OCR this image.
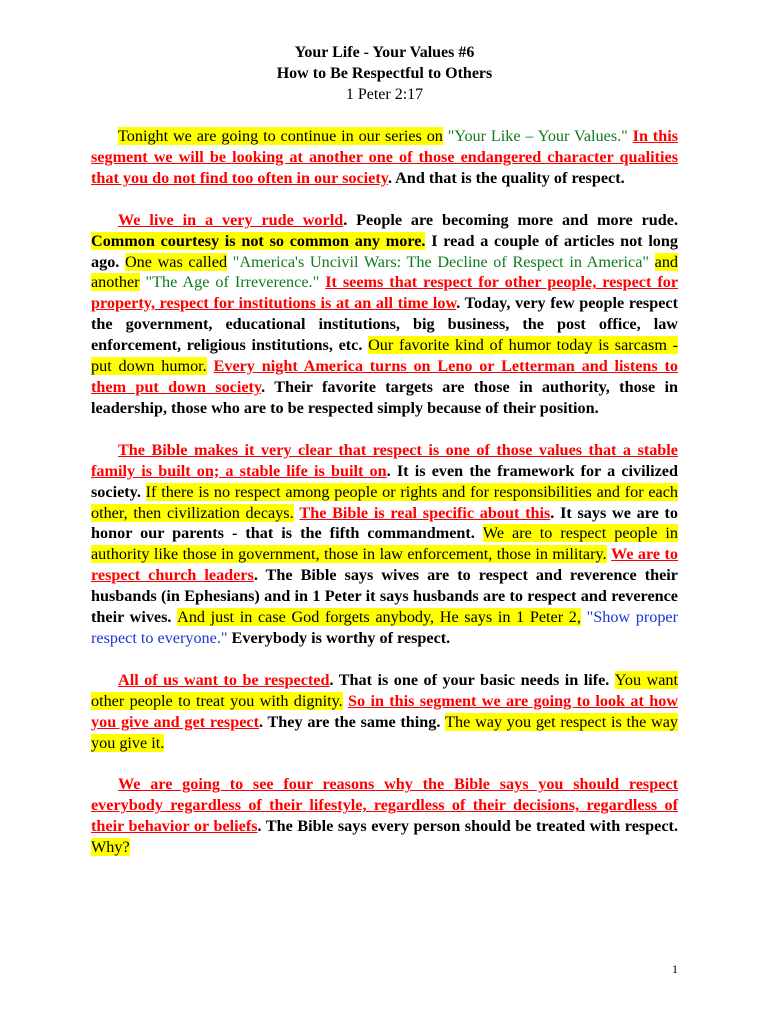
Your Life - Your Values #6
How to Be Respectful to Others
1 Peter 2:17

Tonight we are going to continue in our series on "Your Like – Your Values." In this segment we will be looking at another one of those endangered character qualities that you do not find too often in our society. And that is the quality of respect.

We live in a very rude world. People are becoming more and more rude. Common courtesy is not so common any more. I read a couple of articles not long ago. One was called "America's Uncivil Wars: The Decline of Respect in America" and another "The Age of Irreverence." It seems that respect for other people, respect for property, respect for institutions is at an all time low. Today, very few people respect the government, educational institutions, big business, the post office, law enforcement, religious institutions, etc. Our favorite kind of humor today is sarcasm - put down humor. Every night America turns on Leno or Letterman and listens to them put down society. Their favorite targets are those in authority, those in leadership, those who are to be respected simply because of their position.

The Bible makes it very clear that respect is one of those values that a stable family is built on; a stable life is built on. It is even the framework for a civilized society. If there is no respect among people or rights and for responsibilities and for each other, then civilization decays. The Bible is real specific about this. It says we are to honor our parents - that is the fifth commandment. We are to respect people in authority like those in government, those in law enforcement, those in military. We are to respect church leaders. The Bible says wives are to respect and reverence their husbands (in Ephesians) and in 1 Peter it says husbands are to respect and reverence their wives. And just in case God forgets anybody, He says in 1 Peter 2, "Show proper respect to everyone." Everybody is worthy of respect.

All of us want to be respected. That is one of your basic needs in life. You want other people to treat you with dignity. So in this segment we are going to look at how you give and get respect. They are the same thing. The way you get respect is the way you give it.

We are going to see four reasons why the Bible says you should respect everybody regardless of their lifestyle, regardless of their decisions, regardless of their behavior or beliefs. The Bible says every person should be treated with respect. Why?

1
